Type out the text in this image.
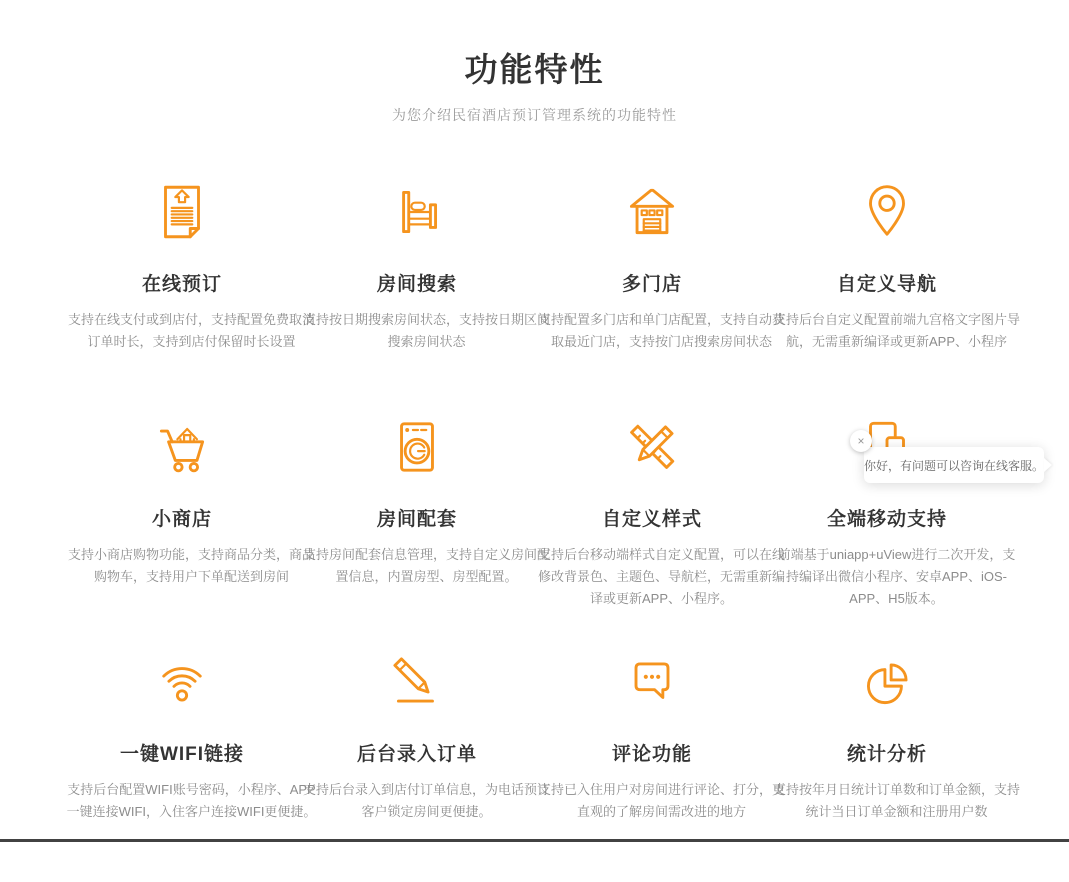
功能特性

为您介绍民宿酒店预订管理系统的功能特性

在线预订

支持在线支付或到店付，支持配置免费取消订单时长，支持到店付保留时长设置

房间搜索

支持按日期搜索房间状态，支持按日期区间搜索房间状态

多门店

支持配置多门店和单门店配置，支持自动获取最近门店，支持按门店搜索房间状态

自定义导航

支持后台自定义配置前端九宫格文字图片导航，无需重新编译或更新APP、小程序

小商店

支持小商店购物功能，支持商品分类，商品购物车，支持用户下单配送到房间

房间配套

支持房间配套信息管理，支持自定义房间配置信息，内置房型、房型配置。

自定义样式

支持后台移动端样式自定义配置，可以在线修改背景色、主题色、导航栏，无需重新编译或更新APP、小程序。

全端移动支持

前端基于uniapp+uView进行二次开发，支持编译出微信小程序、安卓APP、iOS-APP、H5版本。

一键WIFI链接

支持后台配置WIFI账号密码，小程序、APP一键连接WIFI，入住客户连接WIFI更便捷。

后台录入订单

支持后台录入到店付订单信息，为电话预订客户锁定房间更便捷。

评论功能

支持已入住用户对房间进行评论、打分，更直观的了解房间需改进的地方

统计分析

支持按年月日统计订单数和订单金额，支持统计当日订单金额和注册用户数

你好，有问题可以咨询在线客服。
×
